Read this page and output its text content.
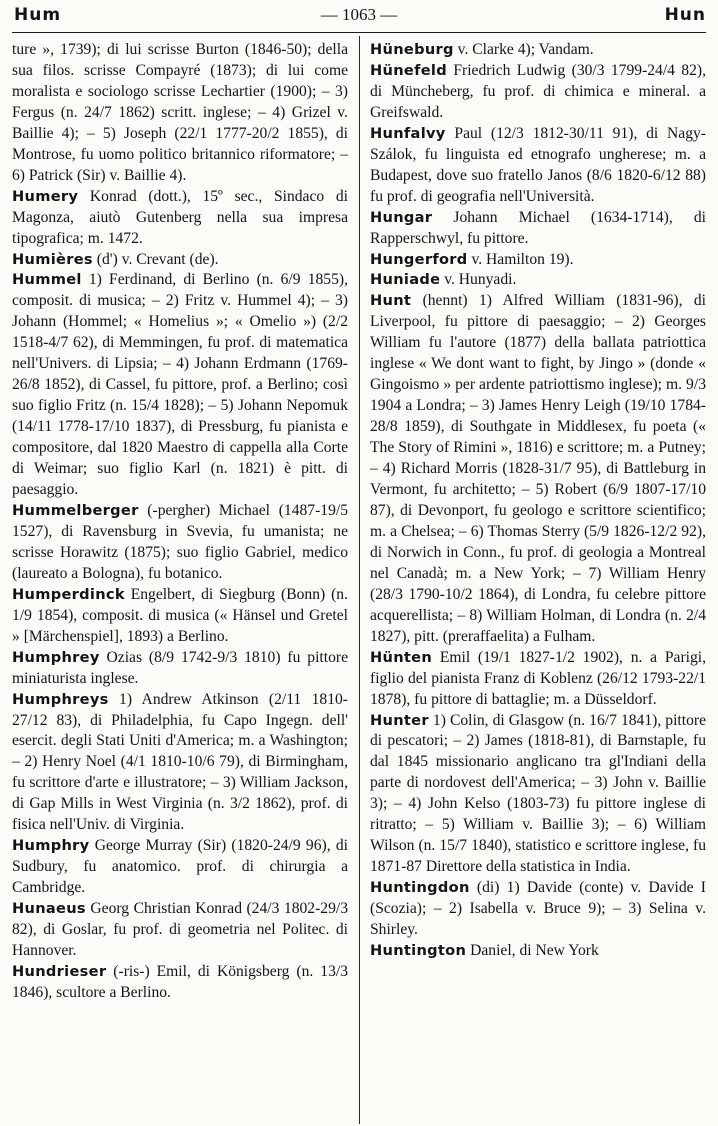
Hum	— 1063 —	Hun

ture », 1739); di lui scrisse Burton (1846-50); della sua filos. scrisse Compayré (1873); di lui come moralista e sociologo scrisse Lechartier (1900); – 3) Fergus (n. 24/7 1862) scritt. inglese; – 4) Grizel v. Baillie 4); – 5) Joseph (22/1 1777-20/2 1855), di Montrose, fu uomo politico britannico riformatore; – 6) Patrick (Sir) v. Baillie 4).

Humery Konrad (dott.), 15º sec., Sindaco di Magonza, aiutò Gutenberg nella sua impresa tipografica; m. 1472.

Humières (d') v. Crevant (de).

Hummel 1) Ferdinand, di Berlino (n. 6/9 1855), composit. di musica; – 2) Fritz v. Hummel 4); – 3) Johann (Hommel; « Homelius »; « Omelio ») (2/2 1518-4/7 62), di Memmingen, fu prof. di matematica nell'Univers. di Lipsia; – 4) Johann Erdmann (1769-26/8 1852), di Cassel, fu pittore, prof. a Berlino; così suo figlio Fritz (n. 15/4 1828); – 5) Johann Nepomuk (14/11 1778-17/10 1837), di Pressburg, fu pianista e compositore, dal 1820 Maestro di cappella alla Corte di Weimar; suo figlio Karl (n. 1821) è pitt. di paesaggio.

Hummelberger (-pergher) Michael (1487-19/5 1527), di Ravensburg in Svevia, fu umanista; ne scrisse Horawitz (1875); suo figlio Gabriel, medico (laureato a Bologna), fu botanico.

Humperdinck Engelbert, di Siegburg (Bonn) (n. 1/9 1854), composit. di musica (« Hänsel und Gretel » [Märchenspiel], 1893) a Berlino.

Humphrey Ozias (8/9 1742-9/3 1810) fu pittore miniaturista inglese.

Humphreys 1) Andrew Atkinson (2/11 1810-27/12 83), di Philadelphia, fu Capo Ingegn. dell' esercit. degli Stati Uniti d'America; m. a Washington; – 2) Henry Noel (4/1 1810-10/6 79), di Birmingham, fu scrittore d'arte e illustratore; – 3) William Jackson, di Gap Mills in West Virginia (n. 3/2 1862), prof. di fisica nell'Univ. di Virginia.

Humphry George Murray (Sir) (1820-24/9 96), di Sudbury, fu anatomico. prof. di chirurgia a Cambridge.

Hunaeus Georg Christian Konrad (24/3 1802-29/3 82), di Goslar, fu prof. di geometria nel Politec. di Hannover.

Hundrieser (-ris-) Emil, di Königsberg (n. 13/3 1846), scultore a Berlino.

Hüneburg v. Clarke 4); Vandam.

Hünefeld Friedrich Ludwig (30/3 1799-24/4 82), di Müncheberg, fu prof. di chimica e mineral. a Greifswald.

Hunfalvy Paul (12/3 1812-30/11 91), di Nagy-Szálok, fu linguista ed etnografo ungherese; m. a Budapest, dove suo fratello Janos (8/6 1820-6/12 88) fu prof. di geografia nell'Università.

Hungar Johann Michael (1634-1714), di Rapperschwyl, fu pittore.

Hungerford v. Hamilton 19).

Huniade v. Hunyadi.

Hunt (hennt) 1) Alfred William (1831-96), di Liverpool, fu pittore di paesaggio; – 2) Georges William fu l'autore (1877) della ballata patriottica inglese « We dont want to fight, by Jingo » (donde « Gingoismo » per ardente patriottismo inglese); m. 9/3 1904 a Londra; – 3) James Henry Leigh (19/10 1784-28/8 1859), di Southgate in Middlesex, fu poeta (« The Story of Rimini », 1816) e scrittore; m. a Putney; – 4) Richard Morris (1828-31/7 95), di Battleburg in Vermont, fu architetto; – 5) Robert (6/9 1807-17/10 87), di Devonport, fu geologo e scrittore scientifico; m. a Chelsea; – 6) Thomas Sterry (5/9 1826-12/2 92), di Norwich in Conn., fu prof. di geologia a Montreal nel Canadà; m. a New York; – 7) William Henry (28/3 1790-10/2 1864), di Londra, fu celebre pittore acquerellista; – 8) William Holman, di Londra (n. 2/4 1827), pitt. (preraffaelita) a Fulham.

Hünten Emil (19/1 1827-1/2 1902), n. a Parigi, figlio del pianista Franz di Koblenz (26/12 1793-22/1 1878), fu pittore di battaglie; m. a Düsseldorf.

Hunter 1) Colin, di Glasgow (n. 16/7 1841), pittore di pescatori; – 2) James (1818-81), di Barnstaple, fu dal 1845 missionario anglicano tra gl'Indiani della parte di nordovest dell'America; – 3) John v. Baillie 3); – 4) John Kelso (1803-73) fu pittore inglese di ritratto; – 5) William v. Baillie 3); – 6) William Wilson (n. 15/7 1840), statistico e scrittore inglese, fu 1871-87 Direttore della statistica in India.

Huntingdon (di) 1) Davide (conte) v. Davide I (Scozia); – 2) Isabella v. Bruce 9); – 3) Selina v. Shirley.

Huntington Daniel, di New York
